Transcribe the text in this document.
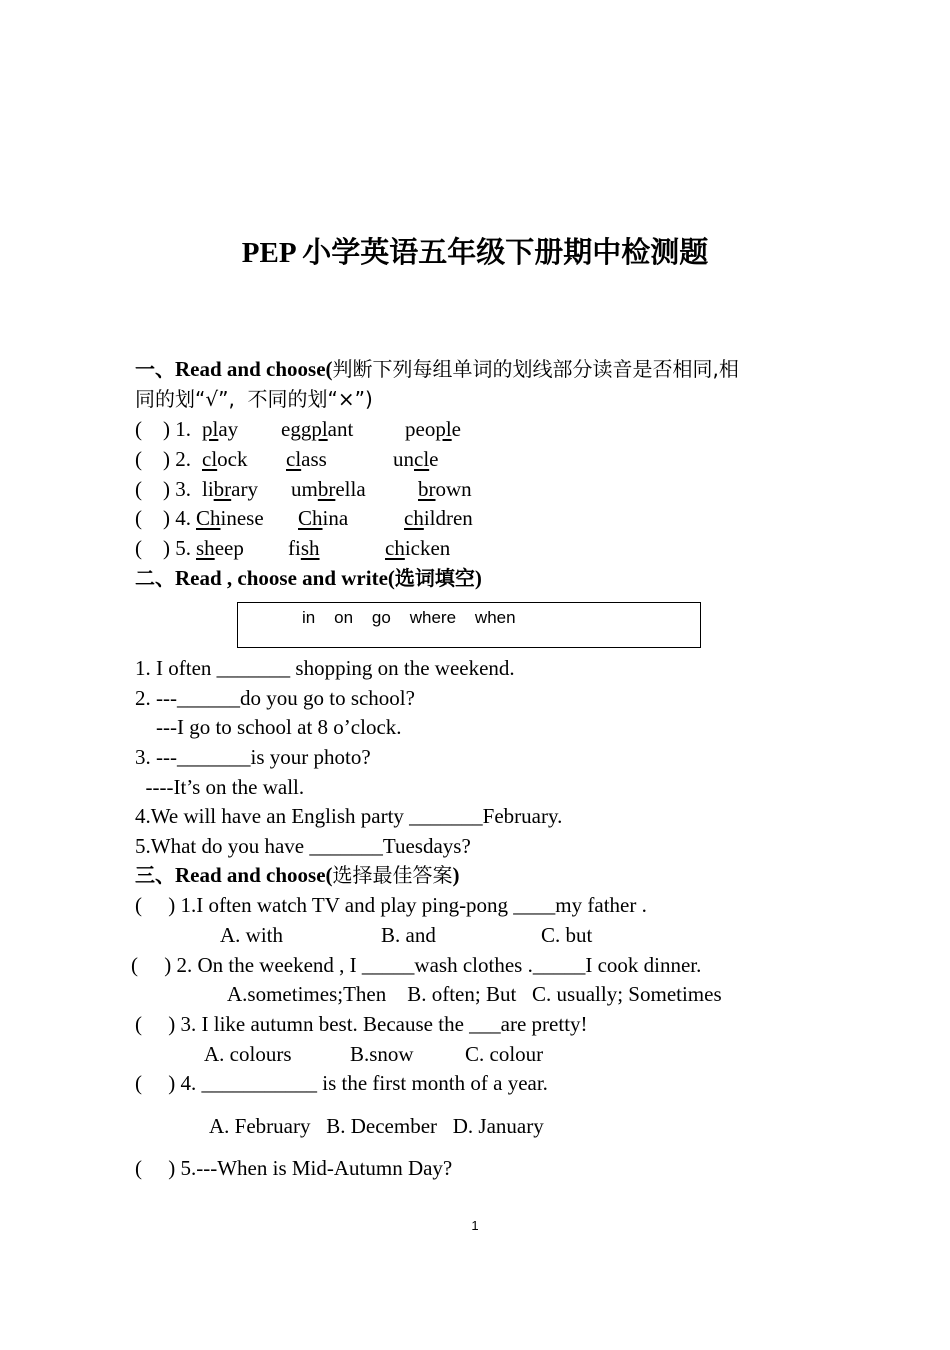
PEP 小学英语五年级下册期中检测题
一、Read and choose(判断下列每组单词的划线部分读音是否相同,相
同的划“√”,  不同的划“×”)
(    ) 1. play eggplant people
(    ) 2. clock class	uncle
(    ) 3. library umbrella brown
(    ) 4. Chinese China	children
(    ) 5. sheep fish	chicken
二、Read , choose and write(选词填空)
in    on    go    where    when
1. I often _______ shopping on the weekend.
2. ---______do you go to school?
---I go to school at 8 o’clock.
3. ---_______is your photo?
----It’s on the wall.
4.We will have an English party _______February.
5.What do you have _______Tuesdays?
三、Read and choose(选择最佳答案)
(     ) 1.I often watch TV and play ping-pong ____my father .
A. with	B. and	C. but
(     ) 2. On the weekend , I _____wash clothes ._____I cook dinner.
A.sometimes;Then    B. often; But   C. usually; Sometimes
(     ) 3. I like autumn best. Because the ___are pretty!
A. colours	B.snow C. colour
(     ) 4. ___________ is the first month of a year.
A. February   B. December   D. January
(     ) 5.---When is Mid-Autumn Day?
1
